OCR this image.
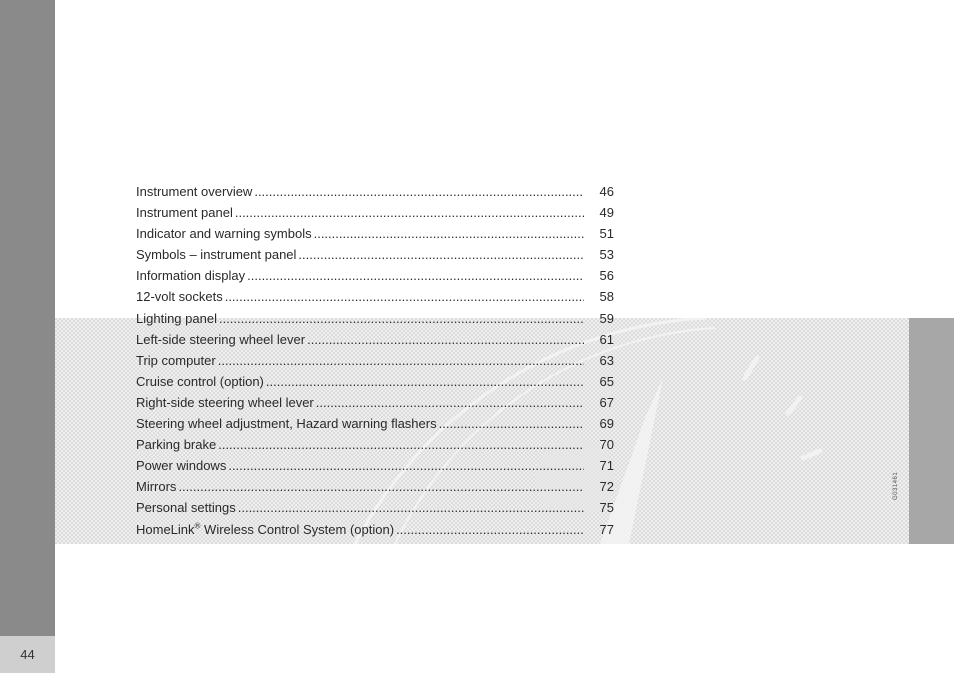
44
G031461
Instrument overview .....	46
Instrument panel .....	49
Indicator and warning symbols .....	51
Symbols – instrument panel .....	53
Information display .....	56
12-volt sockets .....	58
Lighting panel .....	59
Left-side steering wheel lever .....	61
Trip computer .....	63
Cruise control (option) .....	65
Right-side steering wheel lever .....	67
Steering wheel adjustment, Hazard warning flashers .....	69
Parking brake .....	70
Power windows .....	71
Mirrors .....	72
Personal settings .....	75
HomeLink® Wireless Control System (option) .....	77
